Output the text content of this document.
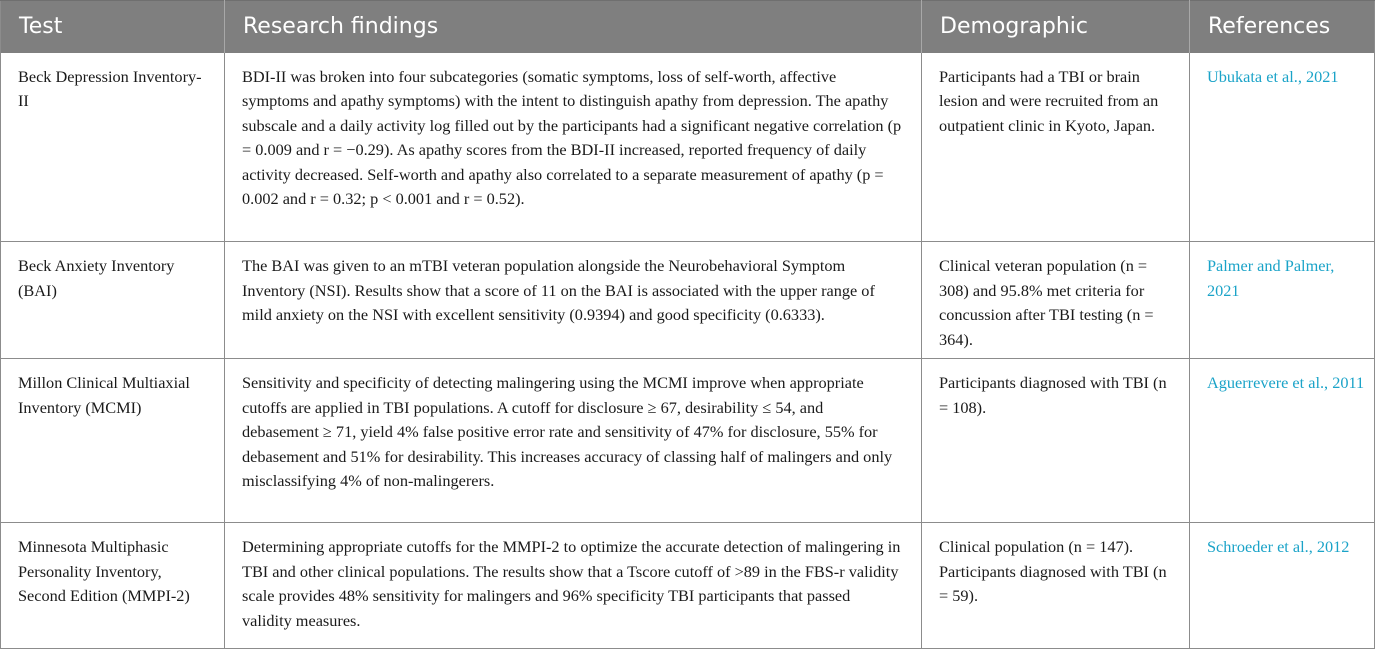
Test	Research findings	Demographic	References
Beck Depression Inventory-II	BDI-II was broken into four subcategories (somatic symptoms, loss of self-worth, affective symptoms and apathy symptoms) with the intent to distinguish apathy from depression. The apathy subscale and a daily activity log filled out by the participants had a significant negative correlation (p = 0.009 and r = −0.29). As apathy scores from the BDI-II increased, reported frequency of daily activity decreased. Self-worth and apathy also correlated to a separate measurement of apathy (p = 0.002 and r = 0.32; p < 0.001 and r = 0.52).	Participants had a TBI or brain lesion and were recruited from an outpatient clinic in Kyoto, Japan.	Ubukata et al., 2021
Beck Anxiety Inventory (BAI)	The BAI was given to an mTBI veteran population alongside the Neurobehavioral Symptom Inventory (NSI). Results show that a score of 11 on the BAI is associated with the upper range of mild anxiety on the NSI with excellent sensitivity (0.9394) and good specificity (0.6333).	Clinical veteran population (n = 308) and 95.8% met criteria for concussion after TBI testing (n = 364).	Palmer and Palmer, 2021
Millon Clinical Multiaxial Inventory (MCMI)	Sensitivity and specificity of detecting malingering using the MCMI improve when appropriate cutoffs are applied in TBI populations. A cutoff for disclosure ≥ 67, desirability ≤ 54, and debasement ≥ 71, yield 4% false positive error rate and sensitivity of 47% for disclosure, 55% for debasement and 51% for desirability. This increases accuracy of classing half of malingers and only misclassifying 4% of non-malingerers.	Participants diagnosed with TBI (n = 108).	Aguerrevere et al., 2011
Minnesota Multiphasic Personality Inventory, Second Edition (MMPI-2)	Determining appropriate cutoffs for the MMPI-2 to optimize the accurate detection of malingering in TBI and other clinical populations. The results show that a Tscore cutoff of >89 in the FBS-r validity scale provides 48% sensitivity for malingers and 96% specificity TBI participants that passed validity measures.	Clinical population (n = 147). Participants diagnosed with TBI (n = 59).	Schroeder et al., 2012
